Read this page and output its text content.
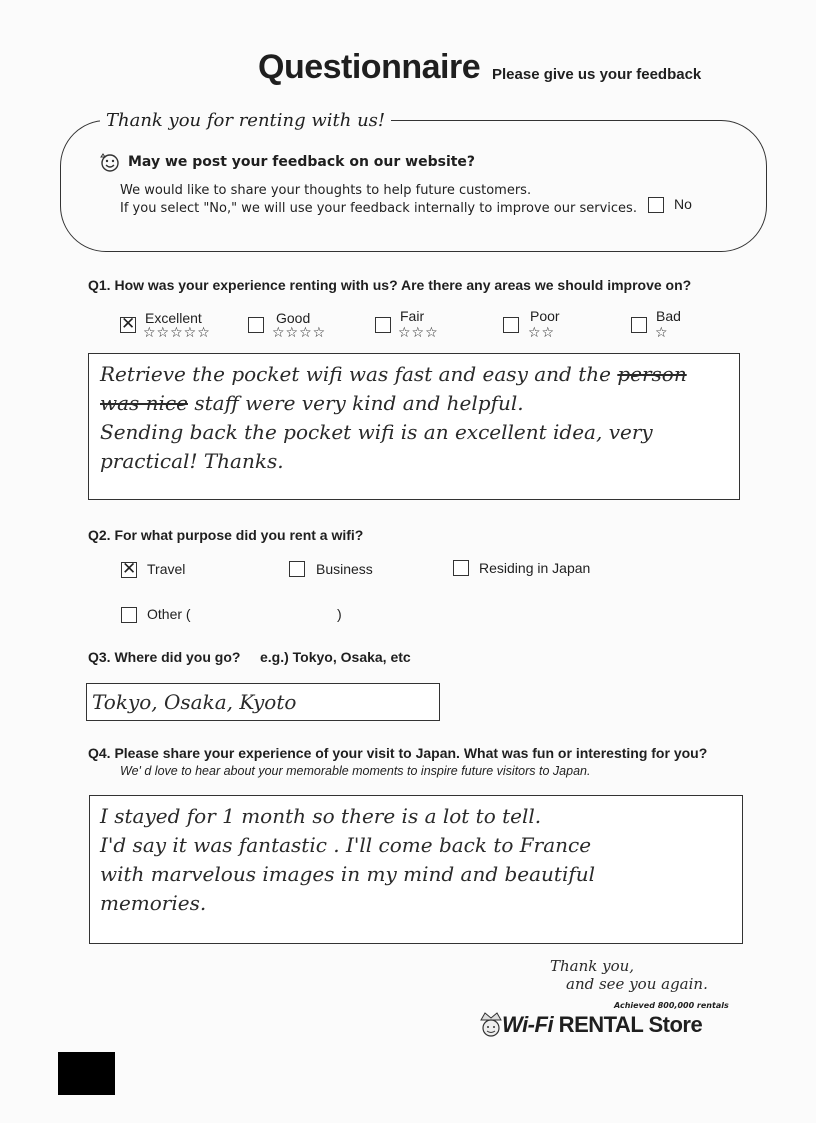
Questionnaire Please give us your feedback
Thank you for renting with us!
May we post your feedback on our website?
We would like to share your thoughts to help future customers.
If you select "No," we will use your feedback internally to improve our services.	No
Q1. How was your experience renting with us? Are there any areas we should improve on?
✕
Excellent
☆☆☆☆☆
Good
☆☆☆☆
Fair
☆☆☆
Poor
☆☆
Bad
☆
Retrieve the pocket wifi was fast and easy and the person
was nice staff were very kind and helpful.
Sending back the pocket wifi is an excellent idea, very
practical! Thanks.
Q2. For what purpose did you rent a wifi?
✕
Travel	Business	Residing in Japan
Other (	)
Q3. Where did you go? e.g.) Tokyo, Osaka, etc
Tokyo, Osaka, Kyoto
Q4. Please share your experience of your visit to Japan. What was fun or interesting for you?
We' d love to hear about your memorable moments to inspire future visitors to Japan.
I stayed for 1 month so there is a lot to tell.
I'd say it was fantastic . I'll come back to France
with marvelous images in my mind and beautiful
memories.
Thank you,
and see you again.
Achieved 800,000 rentals
Wi-Fi RENTAL Store
